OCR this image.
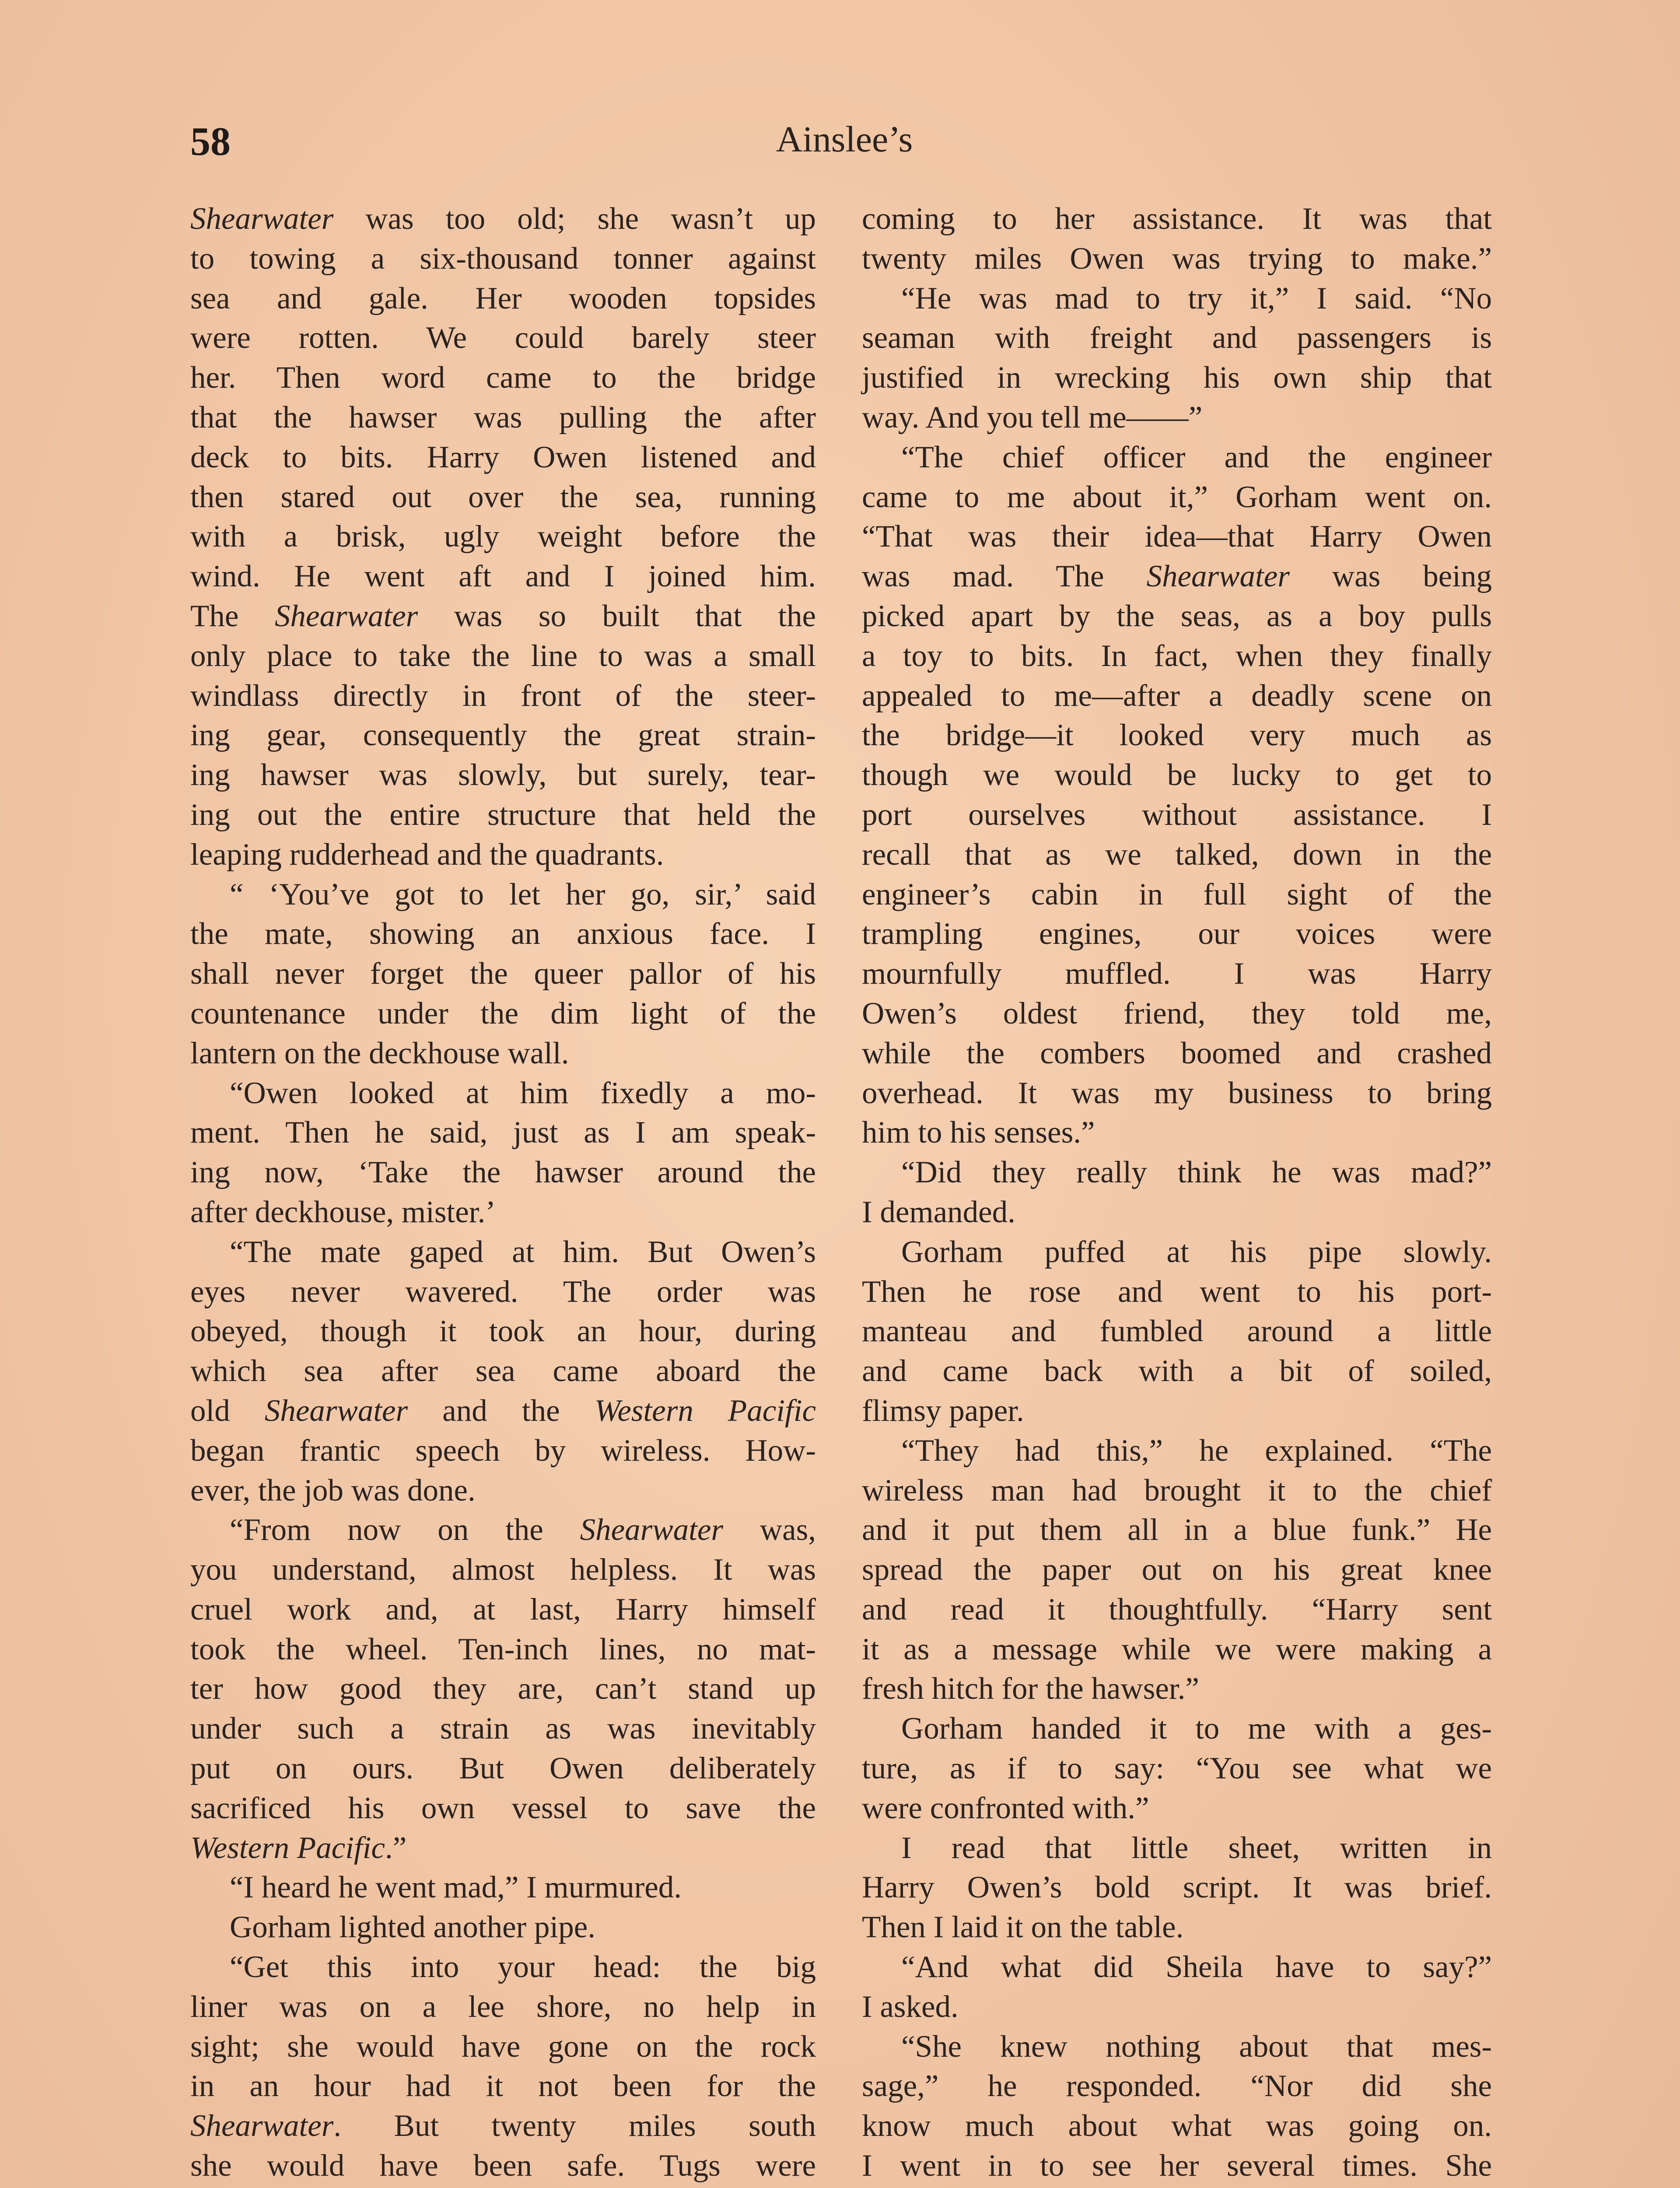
58	Ainslee’s
Shearwater was too old; she wasn’t up
to towing a six-thousand tonner against
sea and gale. Her wooden topsides
were rotten. We could barely steer
her. Then word came to the bridge
that the hawser was pulling the after
deck to bits. Harry Owen listened and
then stared out over the sea, running
with a brisk, ugly weight before the
wind. He went aft and I joined him.
The Shearwater was so built that the
only place to take the line to was a small
windlass directly in front of the steer-
ing gear, consequently the great strain-
ing hawser was slowly, but surely, tear-
ing out the entire structure that held the
leaping rudderhead and the quadrants.
“ ‘You’ve got to let her go, sir,’ said
the mate, showing an anxious face. I
shall never forget the queer pallor of his
countenance under the dim light of the
lantern on the deckhouse wall.
“Owen looked at him fixedly a mo-
ment. Then he said, just as I am speak-
ing now, ‘Take the hawser around the
after deckhouse, mister.’
“The mate gaped at him. But Owen’s
eyes never wavered. The order was
obeyed, though it took an hour, during
which sea after sea came aboard the
old Shearwater and the Western Pacific
began frantic speech by wireless. How-
ever, the job was done.
“From now on the Shearwater was,
you understand, almost helpless. It was
cruel work and, at last, Harry himself
took the wheel. Ten-inch lines, no mat-
ter how good they are, can’t stand up
under such a strain as was inevitably
put on ours. But Owen deliberately
sacrificed his own vessel to save the
Western Pacific.”
“I heard he went mad,” I murmured.
Gorham lighted another pipe.
“Get this into your head: the big
liner was on a lee shore, no help in
sight; she would have gone on the rock
in an hour had it not been for the
Shearwater. But twenty miles south
she would have been safe. Tugs were
coming to her assistance. It was that
twenty miles Owen was trying to make.”
“He was mad to try it,” I said. “No
seaman with freight and passengers is
justified in wrecking his own ship that
way. And you tell me——”
“The chief officer and the engineer
came to me about it,” Gorham went on.
“That was their idea—that Harry Owen
was mad. The Shearwater was being
picked apart by the seas, as a boy pulls
a toy to bits. In fact, when they finally
appealed to me—after a deadly scene on
the bridge—it looked very much as
though we would be lucky to get to
port ourselves without assistance. I
recall that as we talked, down in the
engineer’s cabin in full sight of the
trampling engines, our voices were
mournfully muffled. I was Harry
Owen’s oldest friend, they told me,
while the combers boomed and crashed
overhead. It was my business to bring
him to his senses.”
“Did they really think he was mad?”
I demanded.
Gorham puffed at his pipe slowly.
Then he rose and went to his port-
manteau and fumbled around a little
and came back with a bit of soiled,
flimsy paper.
“They had this,” he explained. “The
wireless man had brought it to the chief
and it put them all in a blue funk.” He
spread the paper out on his great knee
and read it thoughtfully. “Harry sent
it as a message while we were making a
fresh hitch for the hawser.”
Gorham handed it to me with a ges-
ture, as if to say: “You see what we
were confronted with.”
I read that little sheet, written in
Harry Owen’s bold script. It was brief.
Then I laid it on the table.
“And what did Sheila have to say?”
I asked.
“She knew nothing about that mes-
sage,” he responded. “Nor did she
know much about what was going on.
I went in to see her several times. She
